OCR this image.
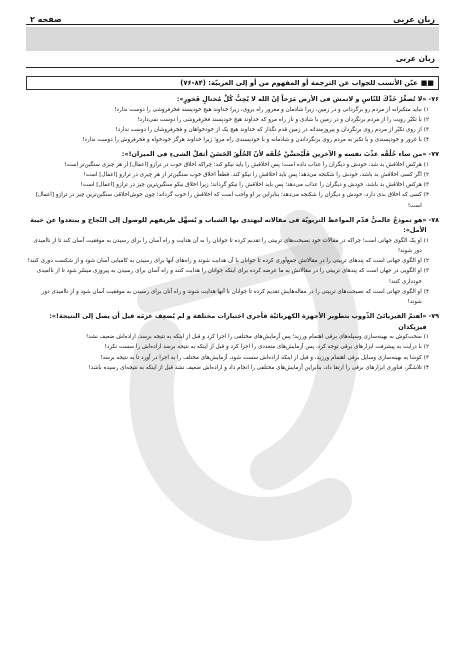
زبان عربی
صفحه ۲
زبان عربی
■■
عیّن الأنسب للجواب عن الترجمة أو المفهوم من أو إلى العربيّة: (۸۴-۷۶)
۷۶-
«لا تُصعِّرْ خَدَّكَ للنّاسِ و لاتمش فی الأرض مَرَحاً إنّ الله لا یُحِبُّ کُلَّ مُختالٍ فَخورٍ»:
۱)
نباید متکبرانه از مردم رو برگردانی و در زمین، زیرا شادمان و مغرور راه بروی، زیرا خداوند هیچ خودپسند فخرفروشی را دوست ندارد!
۲)
با تکبّر رویت را از مردم برنگردان و در زمین با شادی و ناز راه مرو که خداوند هیچ خودپسند فخرفروشی را دوست نمی‌دارد!
۳)
از روی تکبّر از مردم روی برنگردان و پیروزمندانه در زمین قدم نگذار که خداوند هیچ یک از خودخواهان و فخرفروشان را دوست ندارد!
۴)
با غرور و خودپسندی و با تکبر به مردم روی برنگرداندن و شادمانه و با خودپسندی راه مرو؛ زیرا خداوند هرگز خودخواه و فخرفروش را دوست ندارد!
۷۷-
«من ساء خُلُقُه عذّبَ نفسه و الآخرین فَلْیُحسِّنْ خُلُقَه لأنّ الخُلُقَ الحَسَنَ أثقلُ الشیءِ فی المیزان!»:
۱)
هرکس اخلاقش بد شد، خودش و دیگران را عذاب داده است؛ پس اخلاقش را باید نیکو کند؛ چراکه اخلاق خوب در ترازو [اعمال] از هر چیزی سنگین‌تر است!
۲)
اگر کسی اخلاقش بد باشد، خودش را شکنجه می‌دهد؛ پس باید اخلاقش را نیکو کند. قطعاً اخلاق خوب سنگین‌تر از هر چیزی در ترازو [اعمال] است!
۳)
هرکس اخلاقش بد باشد، خودش و دیگران را عذاب می‌دهد؛ پس باید اخلاقش را نیکو گرداند؛ زیرا اخلاق نیکو سنگین‌ترین چیز در ترازو [اعمال] است!
۴)
کسی که اخلاق بدی دارد، خودش و دیگران را شکنجه می‌دهد؛ بنابراین بر او واجب است که اخلاقش را خوب گرداند؛ چون خوش‌اخلاقی سنگین‌ترین چیز در ترازو [اعمال] است!
۷۸-
«هو نموذجٌ عالمیٌّ قدّم المواعظ التربویّة فی مقالاته لیهتدی بها الشباب و یُسهِّل طریقهم للوصول إلی النّجاح و یبتعدوا عن خیبة الأمل»:
۱)
او یک الگوی جهانی است؛ چراکه در مقالات خود نصیحت‌های تربیتی را تقدیم کرده تا جوانان را به آن هدایت و راه آسان را برای رسیدن به موفقیت آسان کند تا از ناامیدی دور شوند!
۲)
او الگوی جهانی است که پندهای تربیتی را در مقالاتش جمع‌آوری کرده تا جوانان با آن هدایت شوند و راه‌های آنها برای رسیدن به کامیابی آسان شود و از شکست دوری کنند!
۳)
او الگویی در جهان است که پندهای تربیتی را در مقالاتش به ما عرضه کرده برای اینکه جوانان را هدایت کنند و راه آسان برای رسیدن به پیروزی میسّر شود تا از ناامیدی خودداری کنند!
۴)
او الگوی جهانی است که نصیحت‌های تربیتی را در مقاله‌هایش تقدیم کرده تا جوانان با آنها هدایت شوند و راه آنان برای رسیدن به موفقیت آسان شود و از ناامیدی دور شوند!
۷۹-
«اهتمّ الفیزیائیّ الذّووب بتطویر الأجهزة الکهربائیّة فأجری اختبارات مختلفة و لم یُضعِف عزمَه قبل أن یصل إلی النتیجة!»: فیزیکدان
۱)
سخت‌کوش به بهینه‌سازی وسیله‌های برقی اهتمام ورزید؛ پس آزمایش‌های مختلفی را اجرا کرد و قبل از اینکه به نتیجه برسد، اراده‌اش ضعیف نشد!
۲)
با درایت به پیشرفت ابزارهای برقی توجه کرد، پس آزمایش‌های متعددی را اجرا کرد و قبل از اینکه به نتیجه برسد اراده‌اش را سست نکرد!
۳)
کوشا به بهینه‌سازی وسایل برقی اهتمام ورزید، و قبل از اینکه اراده‌اش سست شود، آزمایش‌های مختلف را به اجرا در آورد تا به نتیجه برسد!
۴)
تلاشگر، فناوری ابزارهای برقی را ارتقا داد، بنابراین آزمایش‌های مختلفی را انجام داد و اراده‌اش ضعیف نشد قبل از اینکه به نتیجه‌ای رسیده باشد!
